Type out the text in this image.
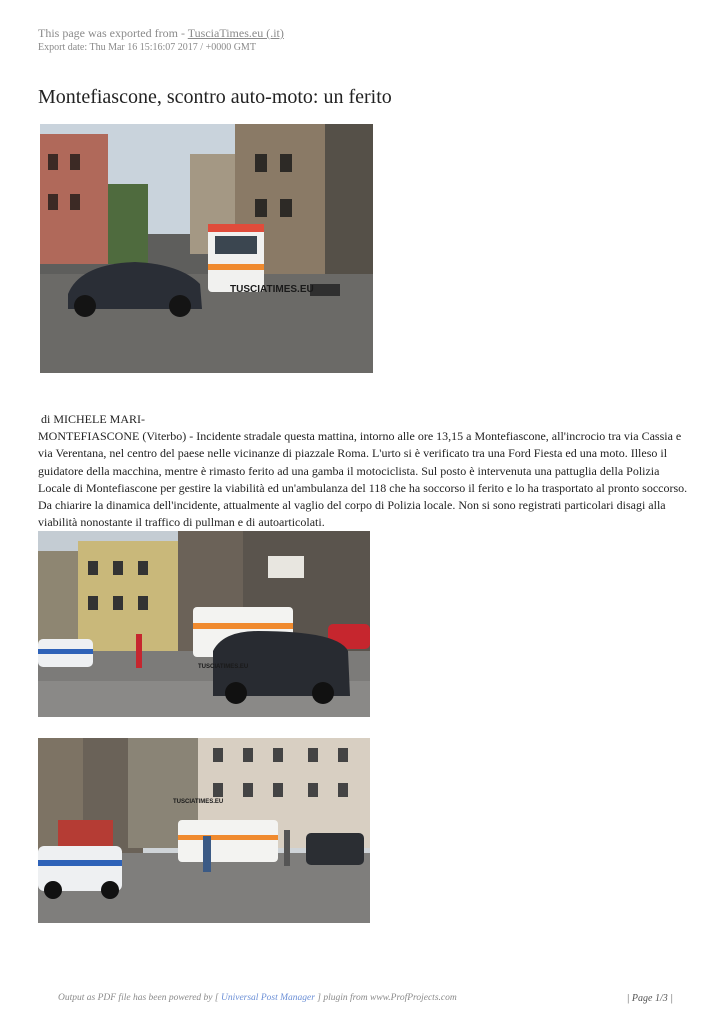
This page was exported from - TusciaTimes.eu (.it)
Export date: Thu Mar 16 15:16:07 2017 / +0000 GMT
Montefiascone, scontro auto-moto: un ferito
TUSCIATIMES.EU

di MICHELE MARI-

MONTEFIASCONE (Viterbo) - Incidente stradale questa mattina, intorno alle ore 13,15 a Montefiascone, all'incrocio tra via Cassia e via Verentana, nel centro del paese nelle vicinanze di piazzale Roma. L'urto si è verificato tra una Ford Fiesta ed una moto. Illeso il guidatore della macchina, mentre è rimasto ferito ad una gamba il motociclista. Sul posto è intervenuta una pattuglia della Polizia Locale di Montefiascone per gestire la viabilità ed un'ambulanza del 118 che ha soccorso il ferito e lo ha trasportato al pronto soccorso. Da chiarire la dinamica dell'incidente, attualmente al vaglio del corpo di Polizia locale. Non si sono registrati particolari disagi alla viabilità nonostante il traffico di pullman e di autoarticolati.

TUSCIATIMES.EU
TUSCIATIMES.EU
Output as PDF file has been powered by [ Universal Post Manager ] plugin from www.ProfProjects.com	| Page 1/3 |
